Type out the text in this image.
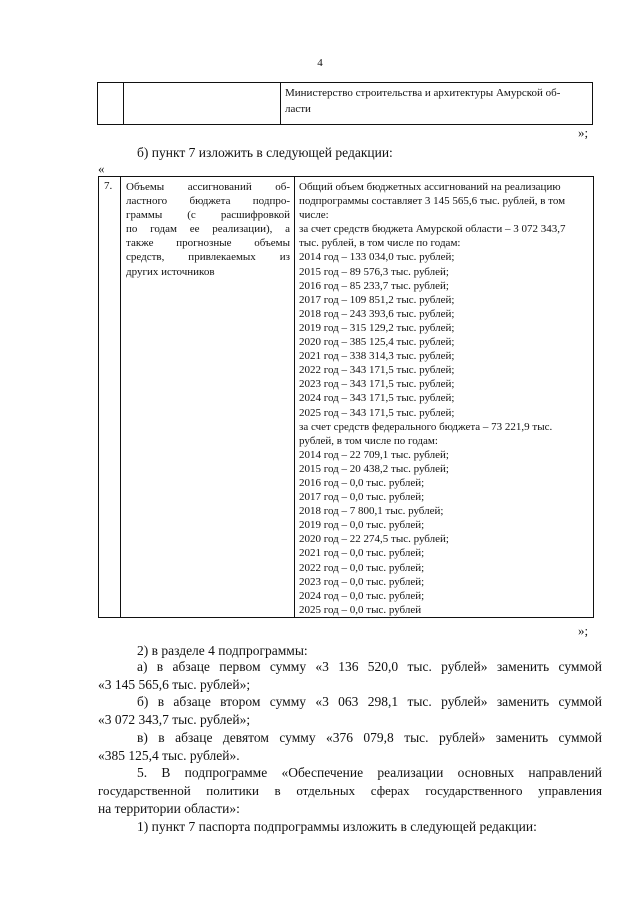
4

Министерство строительства и архитектуры Амурской об-
ласти
»;
б) пункт 7 изложить в следующей редакции:
«
7.	Объемы ассигнований об-
ластного бюджета подпро-
граммы (с расшифровкой
по годам ее реализации), а
также прогнозные объемы
средств, привлекаемых из
других источников

Общий объем бюджетных ассигнований на реализацию
подпрограммы составляет 3 145 565,6 тыс. рублей, в том
числе:
за счет средств бюджета Амурской области – 3 072 343,7
тыс. рублей, в том числе по годам:
2014 год – 133 034,0 тыс. рублей;
2015 год – 89 576,3 тыс. рублей;
2016 год – 85 233,7 тыс. рублей;
2017 год – 109 851,2 тыс. рублей;
2018 год – 243 393,6 тыс. рублей;
2019 год – 315 129,2 тыс. рублей;
2020 год – 385 125,4 тыс. рублей;
2021 год – 338 314,3 тыс. рублей;
2022 год – 343 171,5 тыс. рублей;
2023 год – 343 171,5 тыс. рублей;
2024 год – 343 171,5 тыс. рублей;
2025 год – 343 171,5 тыс. рублей;
за счет средств федерального бюджета – 73 221,9 тыс.
рублей, в том числе по годам:
2014 год – 22 709,1 тыс. рублей;
2015 год – 20 438,2 тыс. рублей;
2016 год – 0,0 тыс. рублей;
2017 год – 0,0 тыс. рублей;
2018 год – 7 800,1 тыс. рублей;
2019 год – 0,0 тыс. рублей;
2020 год – 22 274,5 тыс. рублей;
2021 год – 0,0 тыс. рублей;
2022 год – 0,0 тыс. рублей;
2023 год – 0,0 тыс. рублей;
2024 год – 0,0 тыс. рублей;
2025 год – 0,0 тыс. рублей
»;
2) в разделе 4 подпрограммы:
а) в абзаце первом сумму «3 136 520,0 тыс. рублей» заменить суммой
«3 145 565,6 тыс. рублей»;
б) в абзаце втором сумму «3 063 298,1 тыс. рублей» заменить суммой
«3 072 343,7 тыс. рублей»;
в) в абзаце девятом сумму «376 079,8 тыс. рублей» заменить суммой
«385 125,4 тыс. рублей».
5. В подпрограмме «Обеспечение реализации основных направлений
государственной политики в отдельных сферах государственного управления
на территории области»:
1) пункт 7 паспорта подпрограммы изложить в следующей редакции:
